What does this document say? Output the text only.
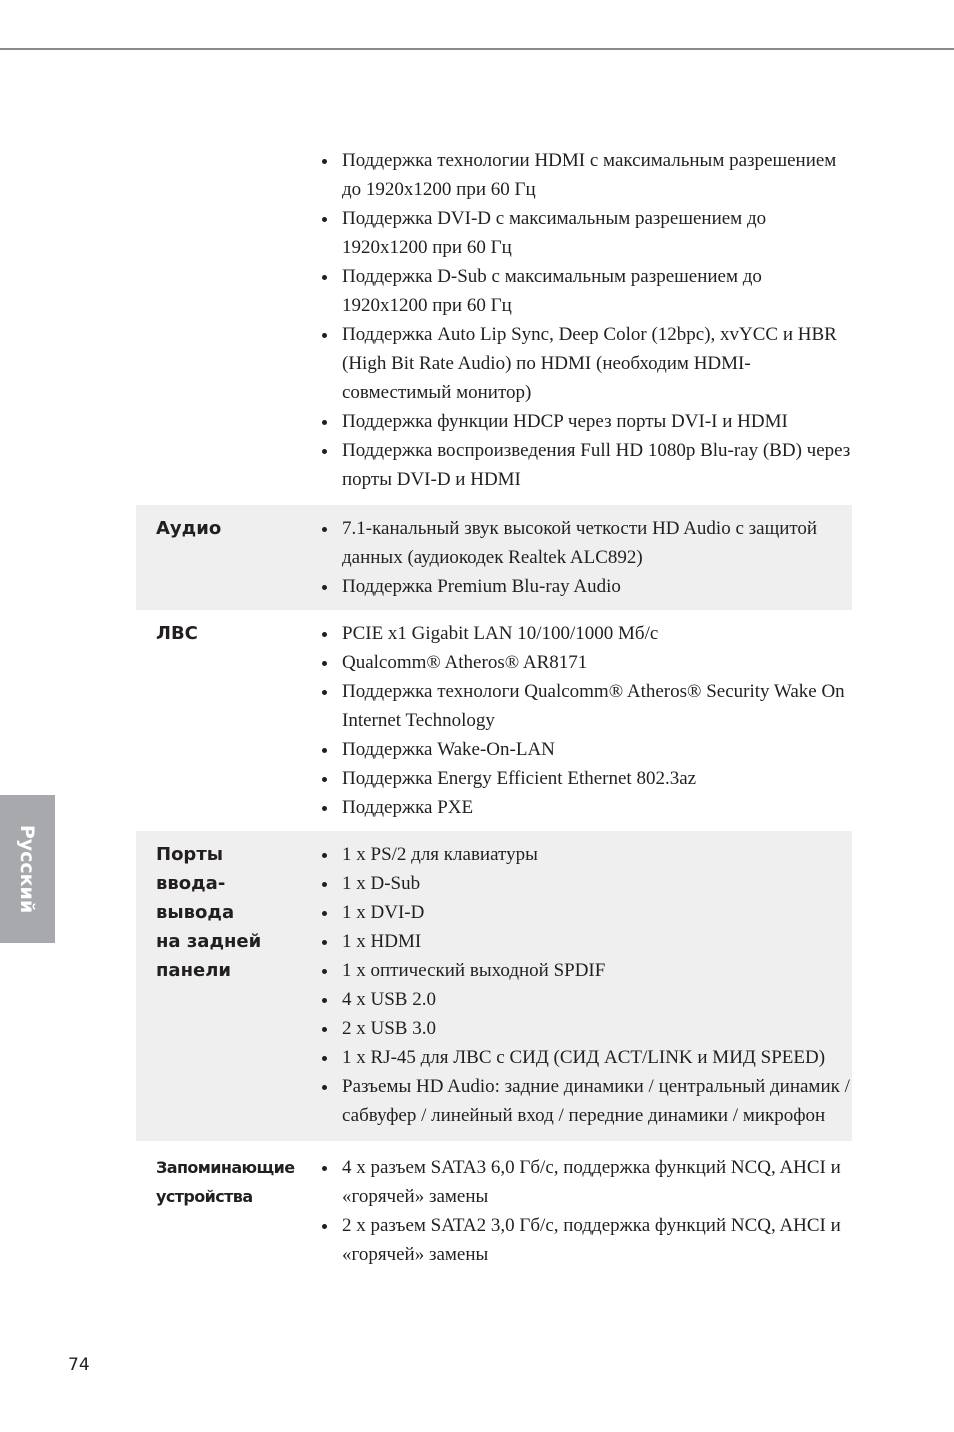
Поддержка технологии HDMI с максимальным разрешением до 1920x1200 при 60 Гц
Поддержка DVI-D с максимальным разрешением до 1920x1200 при 60 Гц
Поддержка D-Sub с максимальным разрешением до 1920x1200 при 60 Гц
Поддержка Auto Lip Sync, Deep Color (12bpc), xvYCC и HBR (High Bit Rate Audio) по HDMI (необходим HDMI-совместимый монитор)
Поддержка функции HDCP через порты DVI-I и HDMI
Поддержка воспроизведения Full HD 1080p Blu-ray (BD) через порты DVI-D и HDMI
Аудио	7.1-канальный звук высокой четкости HD Audio с защитой данных (аудиокодек Realtek ALC892)
Поддержка Premium Blu-ray Audio
ЛВС	PCIE x1 Gigabit LAN 10/100/1000 Мб/с
Qualcomm® Atheros® AR8171
Поддержка технологи Qualcomm® Atheros® Security Wake On Internet Technology
Поддержка Wake-On-LAN
Поддержка Energy Efficient Ethernet 802.3az
Поддержка PXE
Порты
ввода-
вывода
на задней
панели
1 x PS/2 для клавиатуры
1 x D-Sub
1 x DVI-D
1 x HDMI
1 x оптический выходной SPDIF
4 x USB 2.0
2 x USB 3.0
1 x RJ-45 для ЛВС с СИД (СИД ACT/LINK и МИД SPEED)
Разъемы HD Audio: задние динамики / центральный динамик / сабвуфер / линейный вход / передние динамики / микрофон
Запоминающие
устройства
4 x разъем SATA3 6,0 Гб/с, поддержка функций NCQ, AHCI и «горячей» замены
2 x разъем SATA2 3,0 Гб/с, поддержка функций NCQ, AHCI и «горячей» замены
Русский
74
